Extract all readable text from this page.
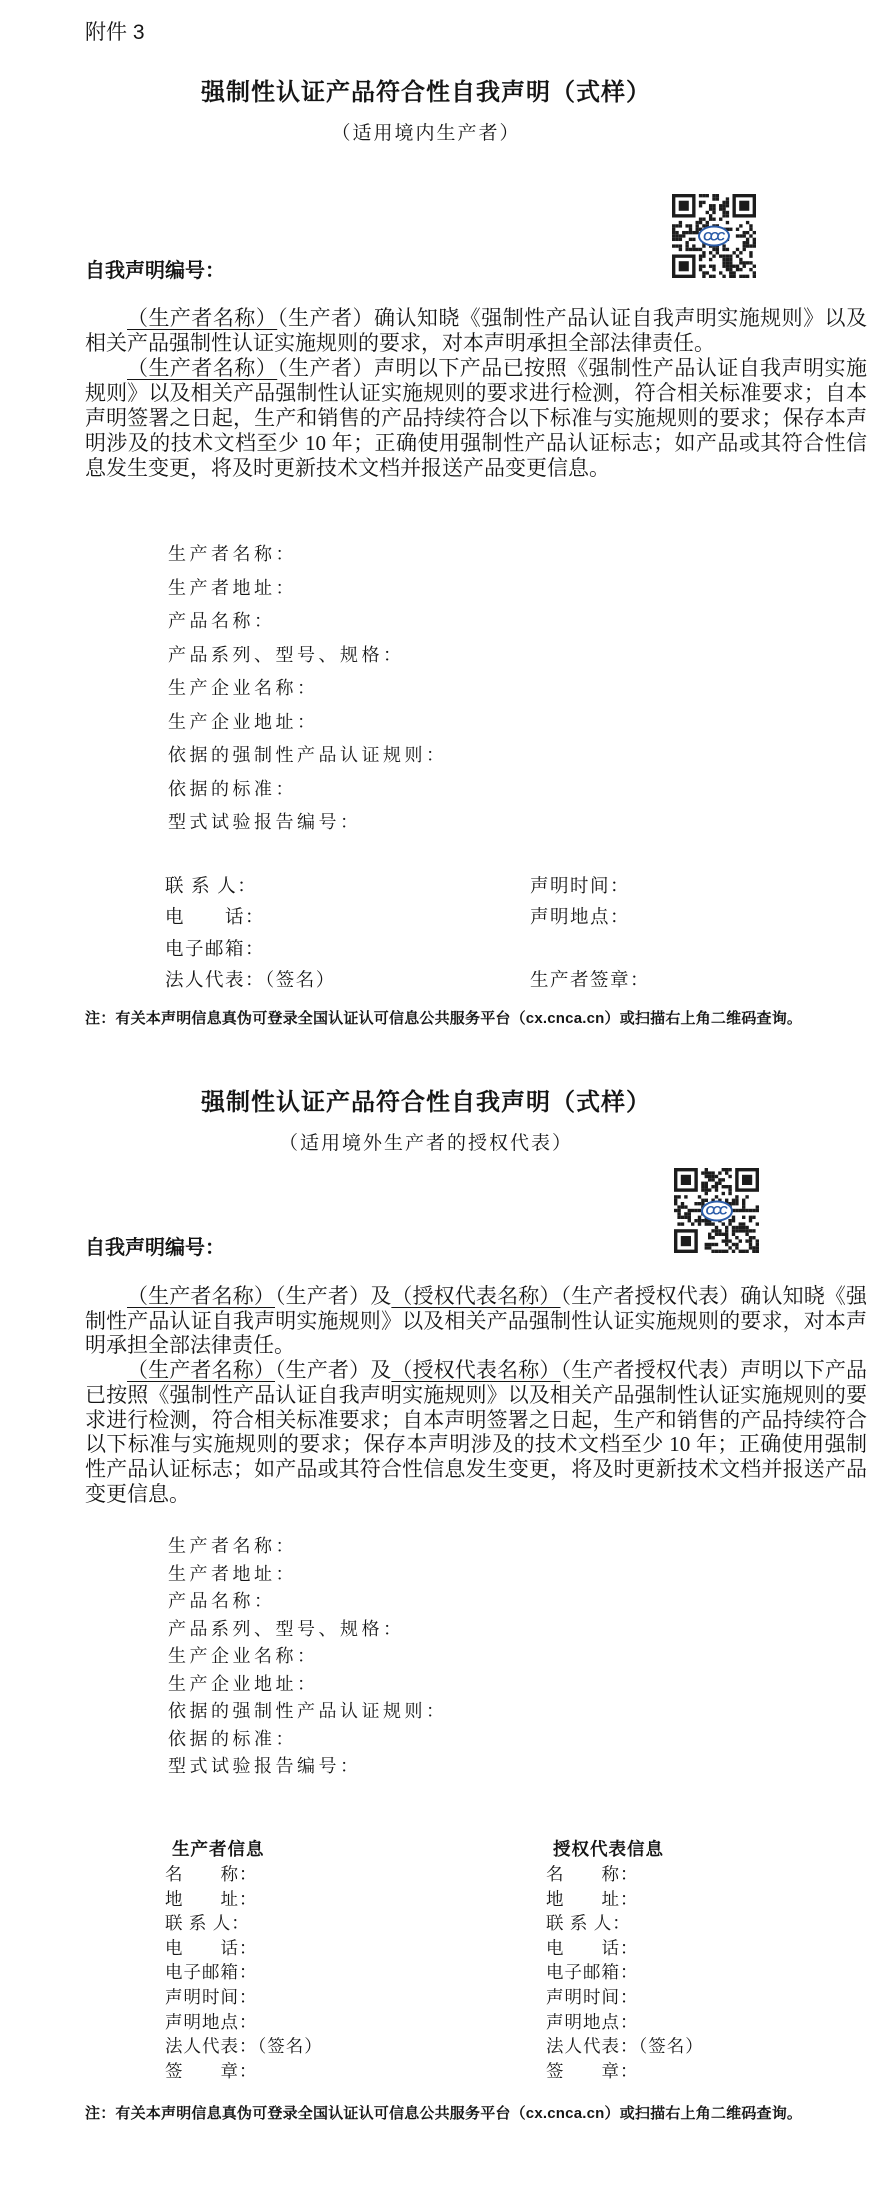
附件 3
强制性认证产品符合性自我声明（式样）
（适用境内生产者）
CCC
自我声明编号：

（生产者名称）（生产者）确认知晓《强制性产品认证自我声明实施规则》以及相关产品强制性认证实施规则的要求，对本声明承担全部法律责任。

（生产者名称）（生产者）声明以下产品已按照《强制性产品认证自我声明实施规则》以及相关产品强制性认证实施规则的要求进行检测，符合相关标准要求；自本声明签署之日起，生产和销售的产品持续符合以下标准与实施规则的要求；保存本声明涉及的技术文档至少 10 年；正确使用强制性产品认证标志；如产品或其符合性信息发生变更，将及时更新技术文档并报送产品变更信息。

生产者名称：
生产者地址：
产品名称：
产品系列、型号、规格：
生产企业名称：
生产企业地址：
依据的强制性产品认证规则：
依据的标准：
型式试验报告编号：
联 系 人：
电　　话：
电子邮箱：
法人代表：（签名）
声明时间：
声明地点：
生产者签章：
注：有关本声明信息真伪可登录全国认证认可信息公共服务平台（cx.cnca.cn）或扫描右上角二维码查询。
强制性认证产品符合性自我声明（式样）
（适用境外生产者的授权代表）
CCC
自我声明编号：

（生产者名称）（生产者）及（授权代表名称）（生产者授权代表）确认知晓《强制性产品认证自我声明实施规则》以及相关产品强制性认证实施规则的要求，对本声明承担全部法律责任。

（生产者名称）（生产者）及（授权代表名称）（生产者授权代表）声明以下产品已按照《强制性产品认证自我声明实施规则》以及相关产品强制性认证实施规则的要求进行检测，符合相关标准要求；自本声明签署之日起，生产和销售的产品持续符合以下标准与实施规则的要求；保存本声明涉及的技术文档至少 10 年；正确使用强制性产品认证标志；如产品或其符合性信息发生变更，将及时更新技术文档并报送产品变更信息。

生产者名称：
生产者地址：
产品名称：
产品系列、型号、规格：
生产企业名称：
生产企业地址：
依据的强制性产品认证规则：
依据的标准：
型式试验报告编号：
生产者信息	授权代表信息
名　　称：
地　　址：
联 系 人：
电　　话：
电子邮箱：
声明时间：
声明地点：
法人代表：（签名）
签　　章：
名　　称：
地　　址：
联 系 人：
电　　话：
电子邮箱：
声明时间：
声明地点：
法人代表：（签名）
签　　章：
注：有关本声明信息真伪可登录全国认证认可信息公共服务平台（cx.cnca.cn）或扫描右上角二维码查询。
